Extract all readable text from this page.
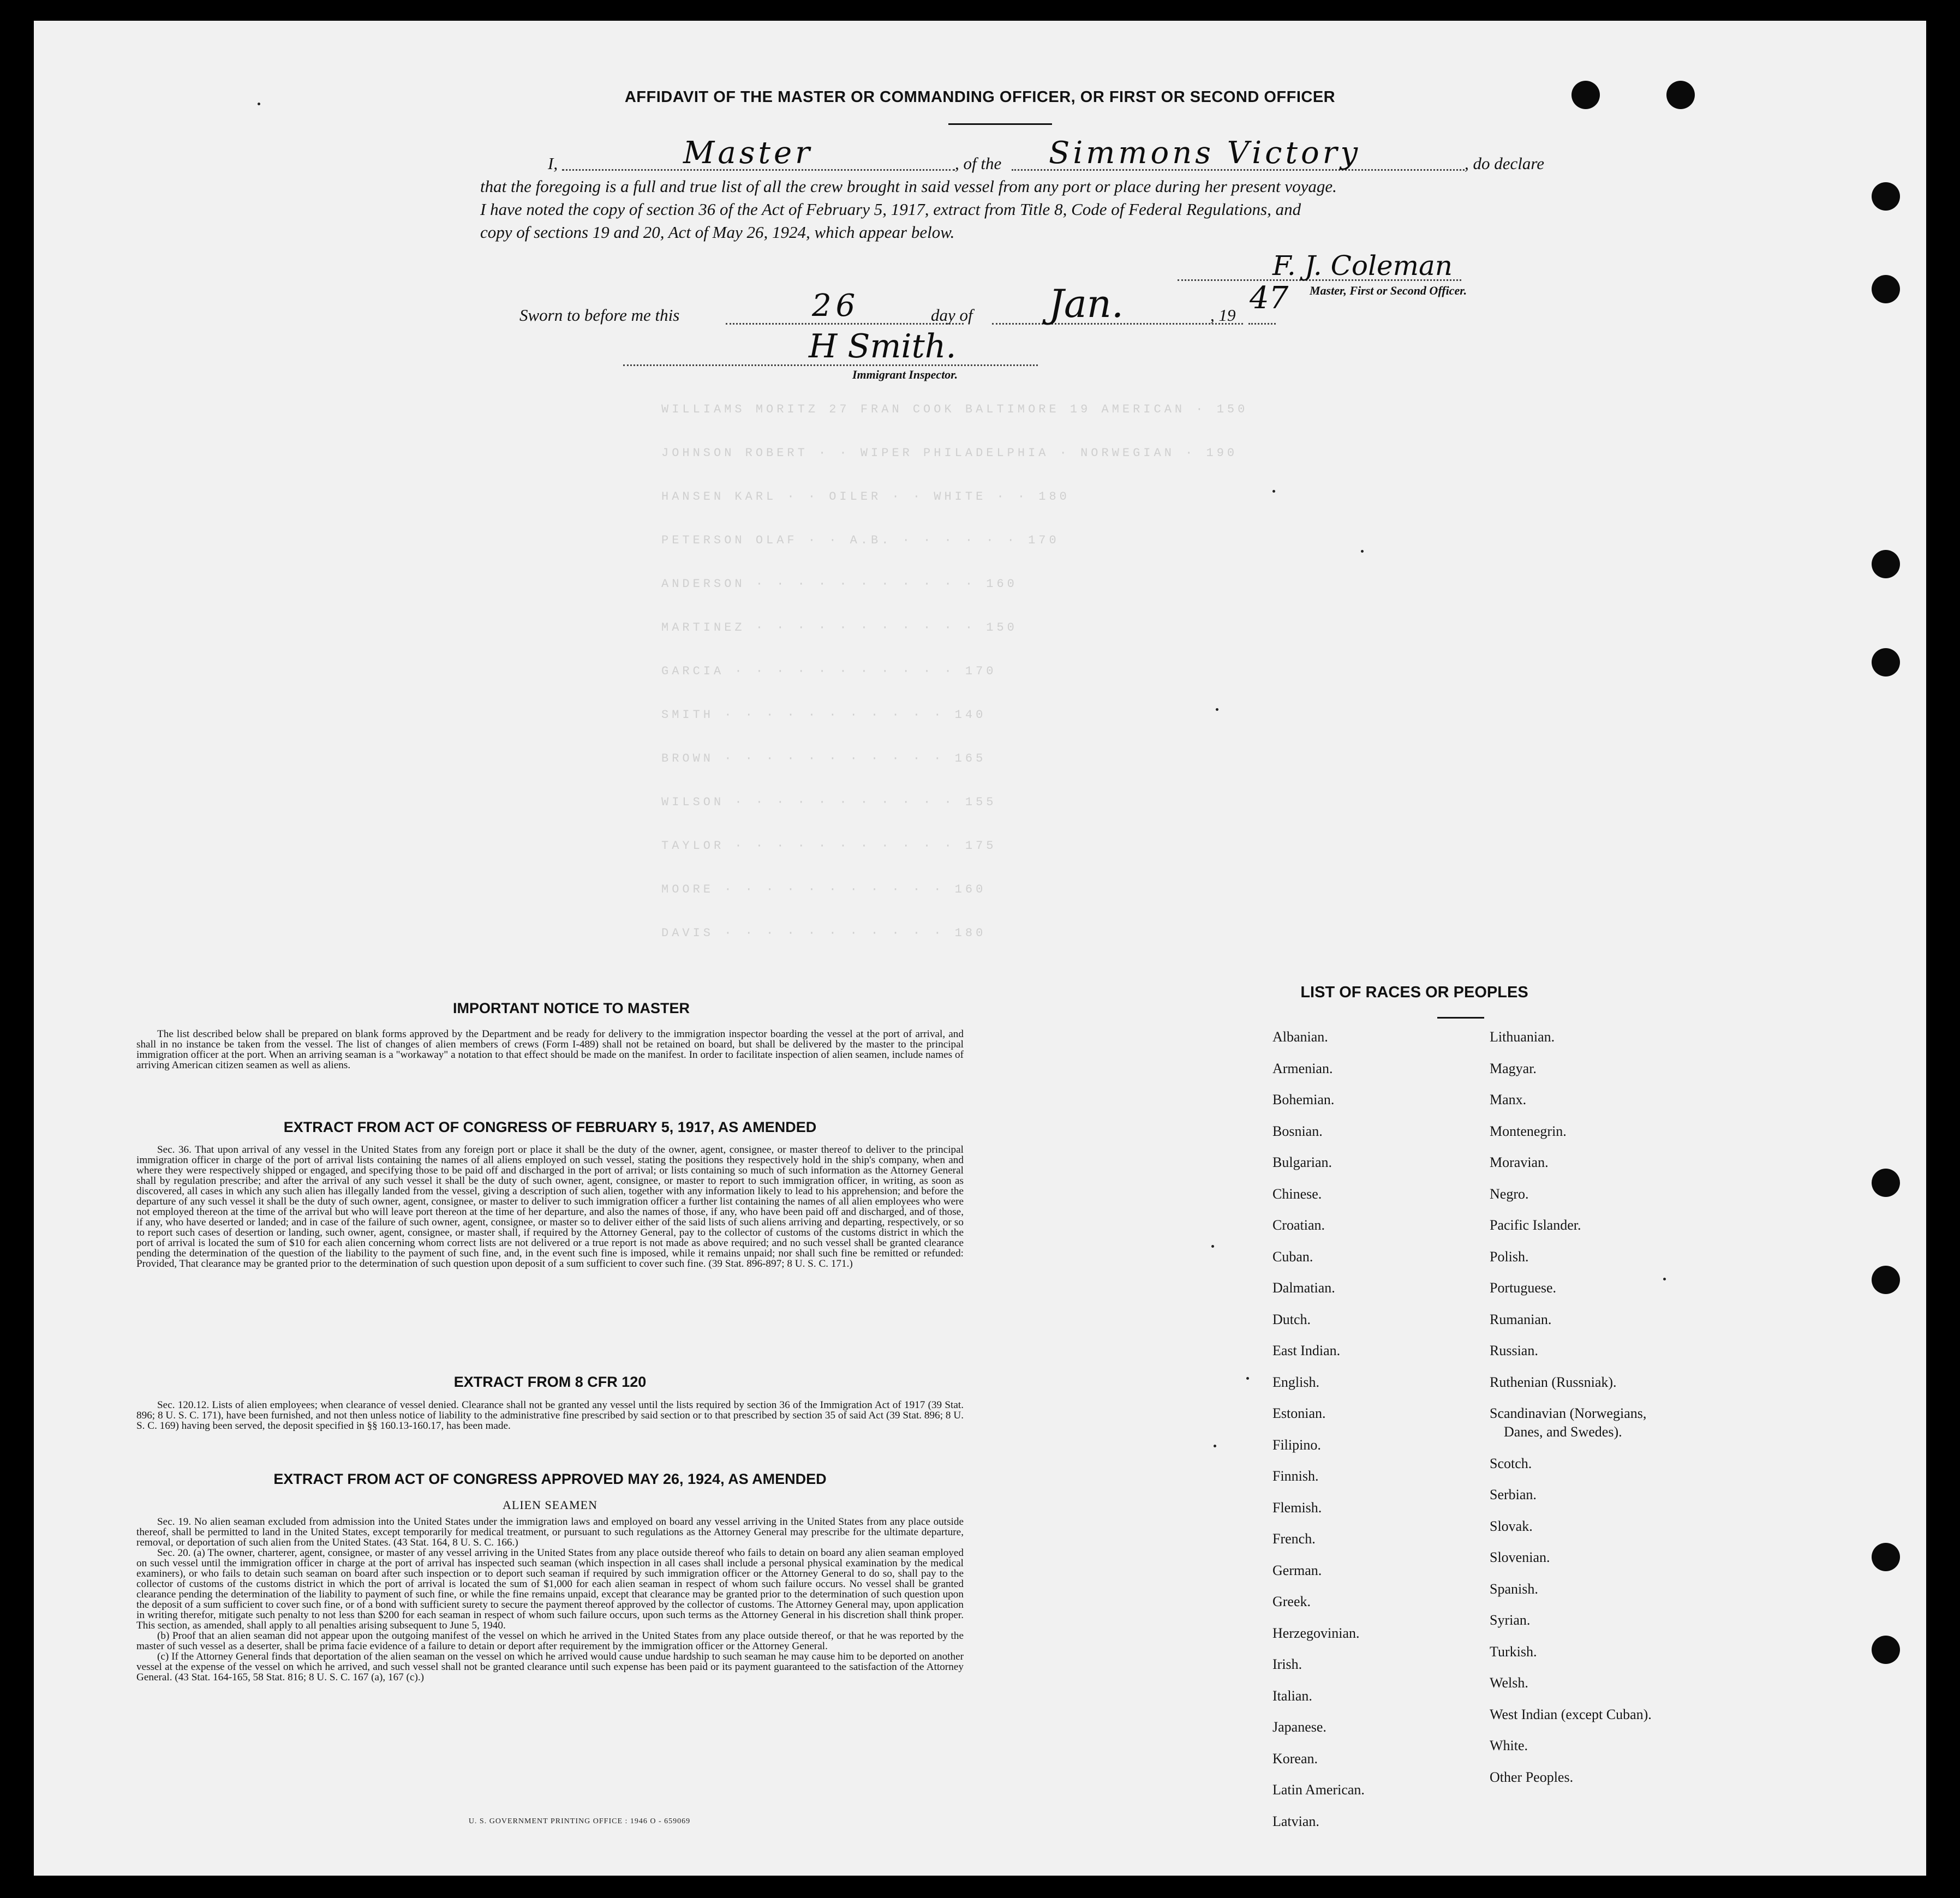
WILLIAMS MORITZ 27 FRAN COOK BALTIMORE 19 AMERICAN · 150
JOHNSON ROBERT · · WIPER PHILADELPHIA · NORWEGIAN · 190
HANSEN KARL · · OILER · · WHITE · · 180
PETERSON OLAF · · A.B. · · · · · · 170
ANDERSON · · · · · · · · · · · 160
MARTINEZ · · · · · · · · · · · 150
GARCIA · · · · · · · · · · · 170
SMITH · · · · · · · · · · · 140
BROWN · · · · · · · · · · · 165
WILSON · · · · · · · · · · · 155
TAYLOR · · · · · · · · · · · 175
MOORE · · · · · · · · · · · 160
DAVIS · · · · · · · · · · · 180
AFFIDAVIT OF THE MASTER OR COMMANDING OFFICER, OR FIRST OR SECOND OFFICER
I,	Master	, of the Simmons Victory	, do declare
that the foregoing is a full and true list of all the crew brought in said vessel from any port or place during her present voyage.
I have noted the copy of section 36 of the Act of February 5, 1917, extract from Title 8, Code of Federal Regulations, and
copy of sections 19 and 20, Act of May 26, 1924, which appear below.
F. J. Coleman
Master, First or Second Officer.
Sworn to before me this	26	day of Jan.	, 19 47
H Smith.
Immigrant Inspector.
IMPORTANT NOTICE TO MASTER

The list described below shall be prepared on blank forms approved by the Department and be ready for delivery to the immigration inspector boarding the vessel at the port of arrival, and shall in no instance be taken from the vessel. The list of changes of alien members of crews (Form I-489) shall not be retained on board, but shall be delivered by the master to the principal immigration officer at the port. When an arriving seaman is a "workaway" a notation to that effect should be made on the manifest. In order to facilitate inspection of alien seamen, include names of arriving American citizen seamen as well as aliens.

EXTRACT FROM ACT OF CONGRESS OF FEBRUARY 5, 1917, AS AMENDED

Sec. 36. That upon arrival of any vessel in the United States from any foreign port or place it shall be the duty of the owner, agent, consignee, or master thereof to deliver to the principal immigration officer in charge of the port of arrival lists containing the names of all aliens employed on such vessel, stating the positions they respectively hold in the ship's company, when and where they were respectively shipped or engaged, and specifying those to be paid off and discharged in the port of arrival; or lists containing so much of such information as the Attorney General shall by regulation prescribe; and after the arrival of any such vessel it shall be the duty of such owner, agent, consignee, or master to report to such immigration officer, in writing, as soon as discovered, all cases in which any such alien has illegally landed from the vessel, giving a description of such alien, together with any information likely to lead to his apprehension; and before the departure of any such vessel it shall be the duty of such owner, agent, consignee, or master to deliver to such immigration officer a further list containing the names of all alien employees who were not employed thereon at the time of the arrival but who will leave port thereon at the time of her departure, and also the names of those, if any, who have been paid off and discharged, and of those, if any, who have deserted or landed; and in case of the failure of such owner, agent, consignee, or master so to deliver either of the said lists of such aliens arriving and departing, respectively, or so to report such cases of desertion or landing, such owner, agent, consignee, or master shall, if required by the Attorney General, pay to the collector of customs of the customs district in which the port of arrival is located the sum of $10 for each alien concerning whom correct lists are not delivered or a true report is not made as above required; and no such vessel shall be granted clearance pending the determination of the question of the liability to the payment of such fine, and, in the event such fine is imposed, while it remains unpaid; nor shall such fine be remitted or refunded: Provided, That clearance may be granted prior to the determination of such question upon deposit of a sum sufficient to cover such fine. (39 Stat. 896-897; 8 U. S. C. 171.)

EXTRACT FROM 8 CFR 120

Sec. 120.12. Lists of alien employees; when clearance of vessel denied. Clearance shall not be granted any vessel until the lists required by section 36 of the Immigration Act of 1917 (39 Stat. 896; 8 U. S. C. 171), have been furnished, and not then unless notice of liability to the administrative fine prescribed by said section or to that prescribed by section 35 of said Act (39 Stat. 896; 8 U. S. C. 169) having been served, the deposit specified in §§ 160.13-160.17, has been made.

EXTRACT FROM ACT OF CONGRESS APPROVED MAY 26, 1924, AS AMENDED
ALIEN SEAMEN

Sec. 19. No alien seaman excluded from admission into the United States under the immigration laws and employed on board any vessel arriving in the United States from any place outside thereof, shall be permitted to land in the United States, except temporarily for medical treatment, or pursuant to such regulations as the Attorney General may prescribe for the ultimate departure, removal, or deportation of such alien from the United States. (43 Stat. 164, 8 U. S. C. 166.)

Sec. 20. (a) The owner, charterer, agent, consignee, or master of any vessel arriving in the United States from any place outside thereof who fails to detain on board any alien seaman employed on such vessel until the immigration officer in charge at the port of arrival has inspected such seaman (which inspection in all cases shall include a personal physical examination by the medical examiners), or who fails to detain such seaman on board after such inspection or to deport such seaman if required by such immigration officer or the Attorney General to do so, shall pay to the collector of customs of the customs district in which the port of arrival is located the sum of $1,000 for each alien seaman in respect of whom such failure occurs. No vessel shall be granted clearance pending the determination of the liability to payment of such fine, or while the fine remains unpaid, except that clearance may be granted prior to the determination of such question upon the deposit of a sum sufficient to cover such fine, or of a bond with sufficient surety to secure the payment thereof approved by the collector of customs. The Attorney General may, upon application in writing therefor, mitigate such penalty to not less than $200 for each seaman in respect of whom such failure occurs, upon such terms as the Attorney General in his discretion shall think proper. This section, as amended, shall apply to all penalties arising subsequent to June 5, 1940.

(b) Proof that an alien seaman did not appear upon the outgoing manifest of the vessel on which he arrived in the United States from any place outside thereof, or that he was reported by the master of such vessel as a deserter, shall be prima facie evidence of a failure to detain or deport after requirement by the immigration officer or the Attorney General.

(c) If the Attorney General finds that deportation of the alien seaman on the vessel on which he arrived would cause undue hardship to such seaman he may cause him to be deported on another vessel at the expense of the vessel on which he arrived, and such vessel shall not be granted clearance until such expense has been paid or its payment guaranteed to the satisfaction of the Attorney General. (43 Stat. 164-165, 58 Stat. 816; 8 U. S. C. 167 (a), 167 (c).)

U. S. GOVERNMENT PRINTING OFFICE : 1946 O - 659069
LIST OF RACES OR PEOPLES
Albanian.
Armenian.
Bohemian.
Bosnian.
Bulgarian.
Chinese.
Croatian.
Cuban.
Dalmatian.
Dutch.
East Indian.
English.
Estonian.
Filipino.
Finnish.
Flemish.
French.
German.
Greek.
Herzegovinian.
Irish.
Italian.
Japanese.
Korean.
Latin American.
Latvian.
Lithuanian.
Magyar.
Manx.
Montenegrin.
Moravian.
Negro.
Pacific Islander.
Polish.
Portuguese.
Rumanian.
Russian.
Ruthenian (Russniak).
Scandinavian (Norwegians,
Danes, and Swedes).
Scotch.
Serbian.
Slovak.
Slovenian.
Spanish.
Syrian.
Turkish.
Welsh.
West Indian (except Cuban).
White.
Other Peoples.
